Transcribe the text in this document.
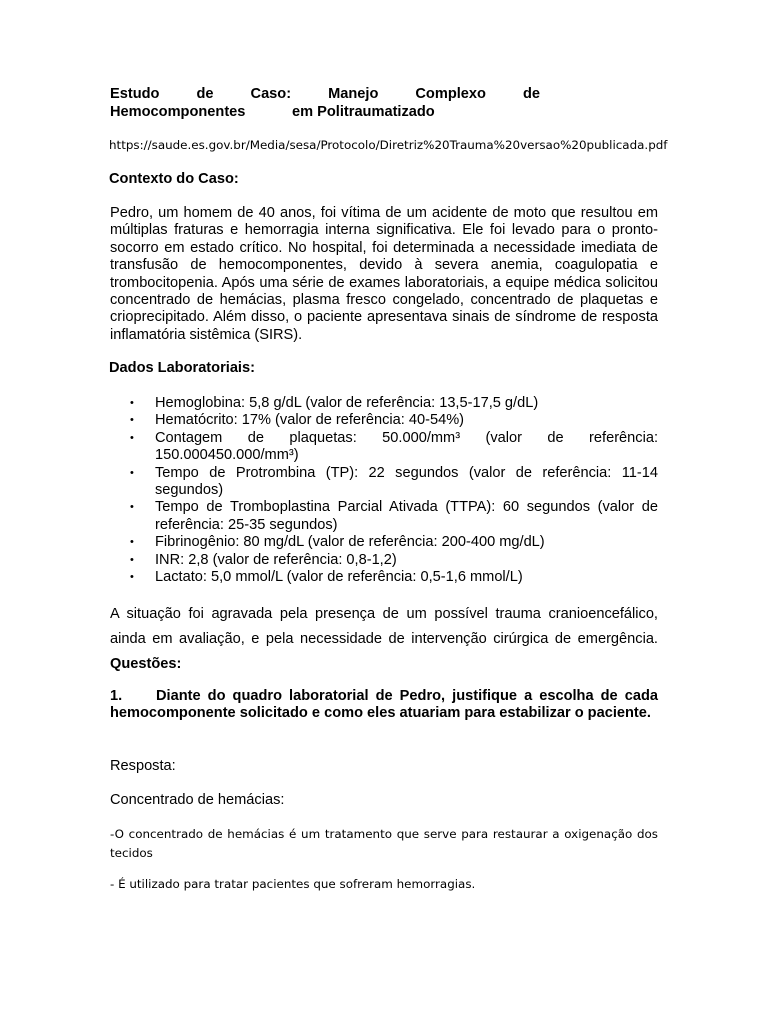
Estudo	de	Caso:	Manejo	Complexo	de
Hemocomponentes	em Politraumatizado
https://saude.es.gov.br/Media/sesa/Protocolo/Diretriz%20Trauma%20versao%20publicada.pdf
Contexto do Caso:
Pedro, um homem de 40 anos, foi vítima de um acidente de moto que resultou em múltiplas fraturas e hemorragia interna significativa. Ele foi levado para o pronto-socorro em estado crítico. No hospital, foi determinada a necessidade imediata de transfusão de hemocomponentes, devido à severa anemia, coagulopatia e trombocitopenia. Após uma série de exames laboratoriais, a equipe médica solicitou concentrado de hemácias, plasma fresco congelado, concentrado de plaquetas e crioprecipitado. Além disso, o paciente apresentava sinais de síndrome de resposta inflamatória sistêmica (SIRS).
Dados Laboratoriais:
• Hemoglobina: 5,8 g/dL (valor de referência: 13,5-17,5 g/dL)
• Hematócrito: 17% (valor de referência: 40-54%)
• Contagem de plaquetas: 50.000/mm³ (valor de referência: 150.000450.000/mm³)
• Tempo de Protrombina (TP): 22 segundos (valor de referência: 11-14 segundos)
• Tempo de Tromboplastina Parcial Ativada (TTPA): 60 segundos (valor de referência: 25-35 segundos)
• Fibrinogênio: 80 mg/dL (valor de referência: 200-400 mg/dL)
• INR: 2,8 (valor de referência: 0,8-1,2)
• Lactato: 5,0 mmol/L (valor de referência: 0,5-1,6 mmol/L)
A situação foi agravada pela presença de um possível trauma cranioencefálico, ainda em avaliação, e pela necessidade de intervenção cirúrgica de emergência. Questões:
1. Diante do quadro laboratorial de Pedro, justifique a escolha de cada hemocomponente solicitado e como eles atuariam para estabilizar o paciente.
Resposta:
Concentrado de hemácias:
-O concentrado de hemácias é um tratamento que serve para restaurar a oxigenação dos tecidos
- É utilizado para tratar pacientes que sofreram hemorragias.
